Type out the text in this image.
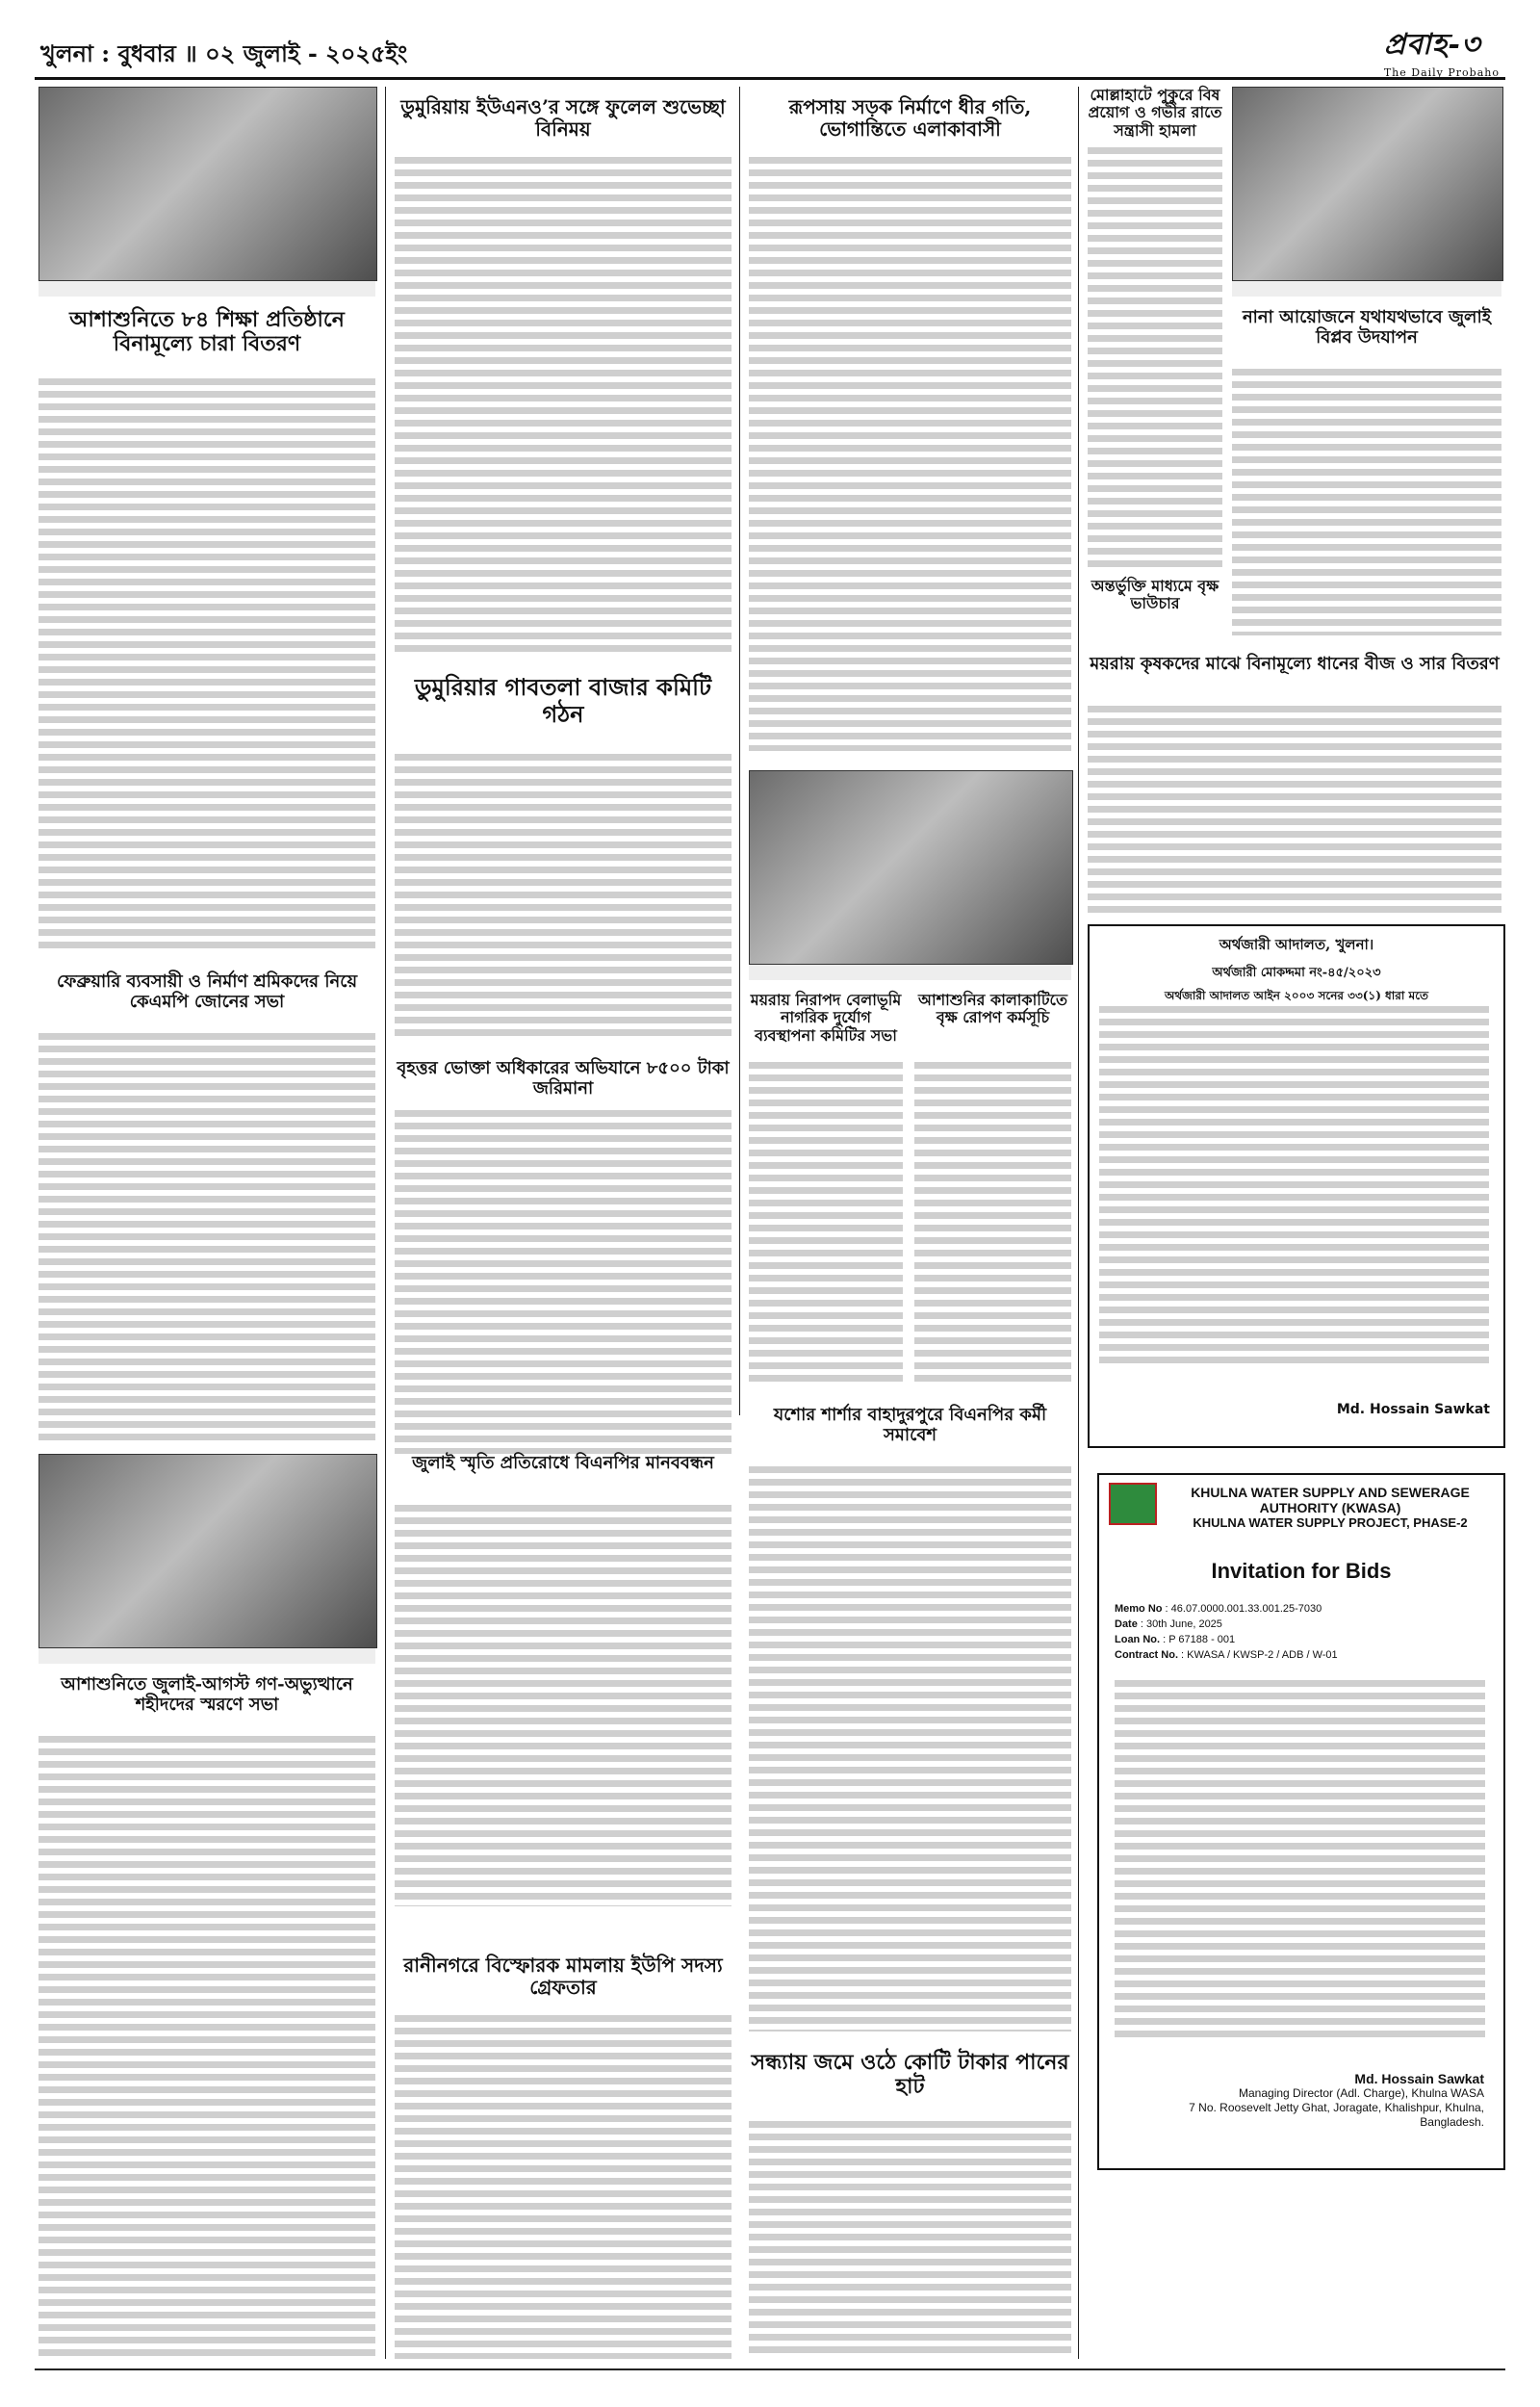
খুলনা : বুধবার ॥ ০২ জুলাই - ২০২৫ইং	প্রবাহ-৩
The Daily Probaho
আশাশুনিতে ৮৪ শিক্ষা প্রতিষ্ঠানে বিনামূল্যে চারা বিতরণ
ফেব্রুয়ারি ব্যবসায়ী ও নির্মাণ শ্রমিকদের নিয়ে কেএমপি জোনের সভা
আশাশুনিতে জুলাই-আগস্ট গণ-অভ্যুত্থানে শহীদদের স্মরণে সভা
ডুমুরিয়ায় ইউএনও’র সঙ্গে ফুলেল শুভেচ্ছা বিনিময়
ডুমুরিয়ার গাবতলা বাজার কমিটি গঠন
বৃহত্তর ভোক্তা অধিকারের অভিযানে ৮৫০০ টাকা জরিমানা
জুলাই স্মৃতি প্রতিরোধে বিএনপির মানববন্ধন
রানীনগরে বিস্ফোরক মামলায় ইউপি সদস্য গ্রেফতার
রূপসায় সড়ক নির্মাণে ধীর গতি, ভোগান্তিতে এলাকাবাসী
ময়রায় নিরাপদ বেলাভূমি নাগরিক দুর্যোগ ব্যবস্থাপনা কমিটির সভা
আশাশুনির কালাকাটিতে বৃক্ষ রোপণ কর্মসূচি
যশোর শার্শার বাহাদুরপুরে বিএনপির কর্মী সমাবেশ
সন্ধ্যায় জমে ওঠে কোটি টাকার পানের হাট
মোল্লাহাটে পুকুরে বিষ প্রয়োগ ও গভীর রাতে সন্ত্রাসী হামলা
নানা আয়োজনে যথাযথভাবে জুলাই বিপ্লব উদযাপন
অন্তর্ভুক্তি মাধ্যমে বৃক্ষ ভাউচার
ময়রায় কৃষকদের মাঝে বিনামূল্যে ধানের বীজ ও সার বিতরণ
অর্থজারী আদালত, খুলনা।
অর্থজারী মোকদ্দমা নং-৪৫/২০২৩
অর্থজারী আদালত আইন ২০০৩ সনের ৩৩(১) ধারা মতে
Md. Hossain Sawkat
KHULNA WATER SUPPLY AND SEWERAGE AUTHORITY (KWASA)
KHULNA WATER SUPPLY PROJECT, PHASE-2
Invitation for Bids
Memo No : 46.07.0000.001.33.001.25-7030
Date : 30th June, 2025
Loan No. : P 67188 - 001
Contract No. : KWASA / KWSP-2 / ADB / W-01
Md. Hossain Sawkat
Managing Director (Adl. Charge), Khulna WASA
7 No. Roosevelt Jetty Ghat, Joragate, Khalishpur, Khulna, Bangladesh.
